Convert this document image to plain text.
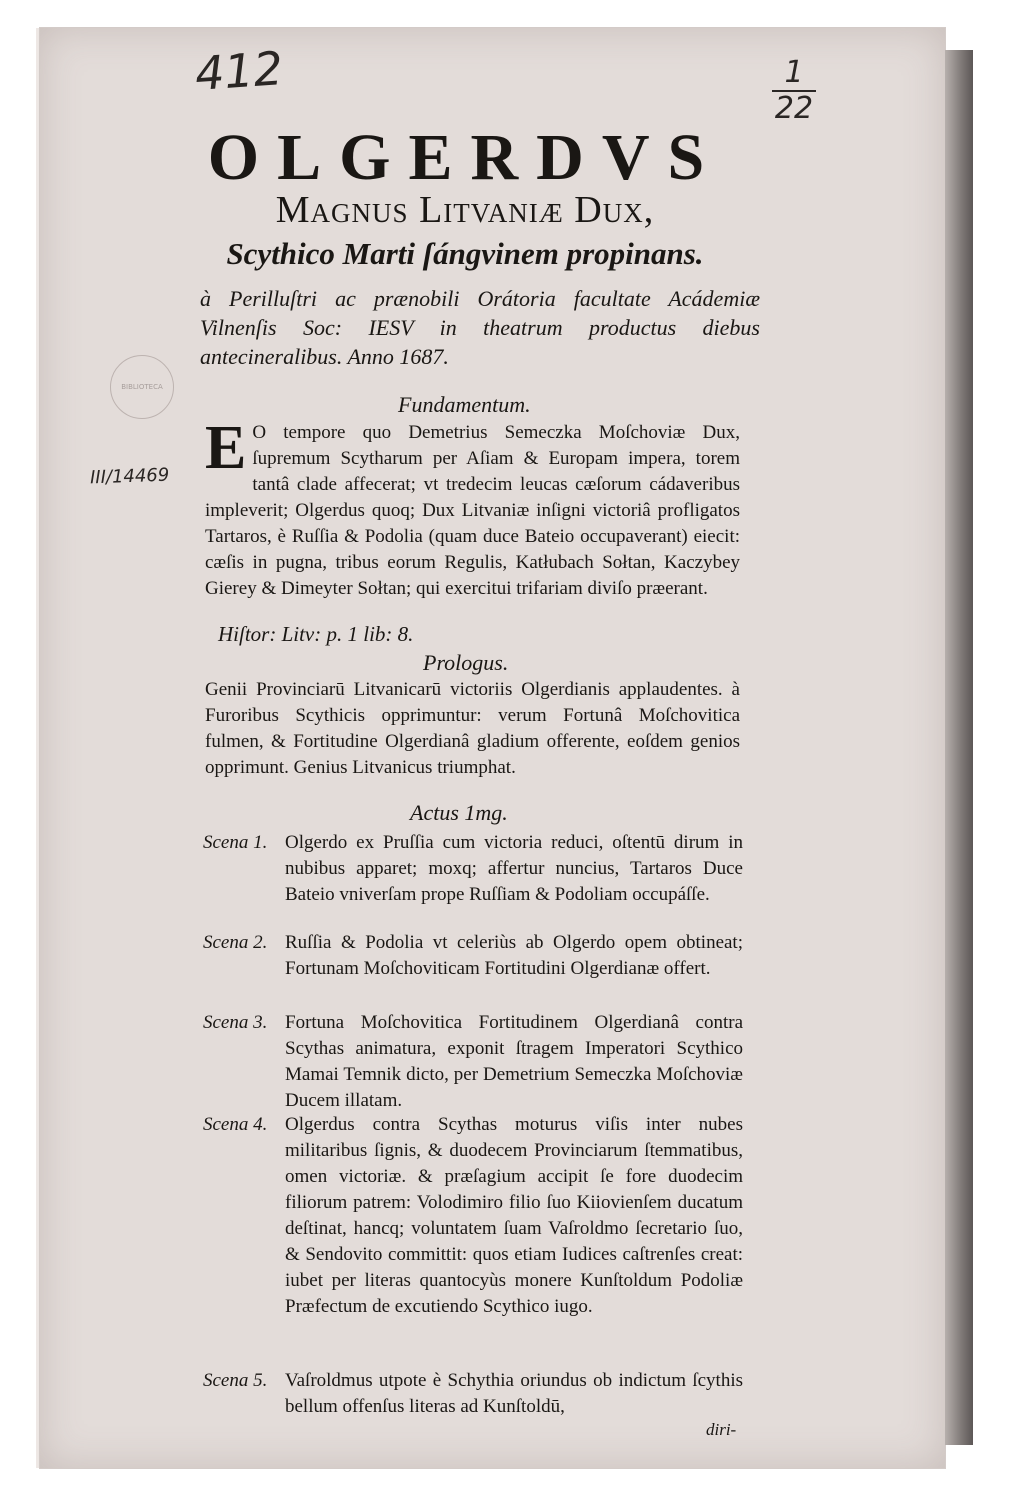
412	1
22
BIBLIOTECA
III/14469
OLGERDVS
Magnus Litvaniæ Dux,
Scythico Marti ſángvinem propinans.
à Perilluſtri ac prænobili Orátoria facultate Acádemiæ Vilnenſis Soc: IESV in theatrum productus diebus antecineralibus. Anno 1687.
Fundamentum.
E O tempore quo Demetrius Semeczka Moſchoviæ Dux, ſupremum Scytharum per Aſiam & Europam impera, torem tantâ clade affecerat; vt tredecim leucas cæſorum cádaveribus impleverit; Olgerdus quoq; Dux Litvaniæ inſigni victoriâ profligatos Tartaros, è Ruſſia & Podolia (quam duce Bateio occupaverant) eiecit: cæſis in pugna, tribus eorum Regulis, Katłubach Sołtan, Kaczybey Gierey & Dimeyter Sołtan; qui exercitui trifariam diviſo præerant.
Hiſtor: Litv: p. 1 lib: 8.
Prologus.
Genii Provinciarū Litvanicarū victoriis Olgerdianis applaudentes. à Furoribus Scythicis opprimuntur: verum Fortunâ Moſchovitica fulmen, & Fortitudine Olgerdianâ gladium offerente, eoſdem genios opprimunt. Genius Litvanicus triumphat.
Actus 1mg.
Scena 1. Olgerdo ex Pruſſia cum victoria reduci, oſtentū dirum in nubibus apparet; moxq; affertur nuncius, Tartaros Duce Bateio vniverſam prope Ruſſiam & Podoliam occupáſſe.
Scena 2. Ruſſia & Podolia vt celeriùs ab Olgerdo opem obtineat; Fortunam Moſchoviticam Fortitudini Olgerdianæ offert.
Scena 3. Fortuna Moſchovitica Fortitudinem Olgerdianâ contra Scythas animatura, exponit ſtragem Imperatori Scythico Mamai Temnik dicto, per Demetrium Semeczka Moſchoviæ Ducem illatam.
Scena 4. Olgerdus contra Scythas moturus viſis inter nubes militaribus ſignis, & duodecem Provinciarum ſtemmatibus, omen victoriæ. & præſagium accipit ſe fore duodecim filiorum patrem: Volodimiro filio ſuo Kiiovienſem ducatum deſtinat, hancq; voluntatem ſuam Vaſroldmo ſecretario ſuo, & Sendovito committit: quos etiam Iudices caſtrenſes creat: iubet per literas quantocyùs monere Kunſtoldum Podoliæ Præfectum de excutiendo Scythico iugo.
Scena 5. Vaſroldmus utpote è Schythia oriundus ob indictum ſcythis bellum offenſus literas ad Kunſtoldū,
diri-
